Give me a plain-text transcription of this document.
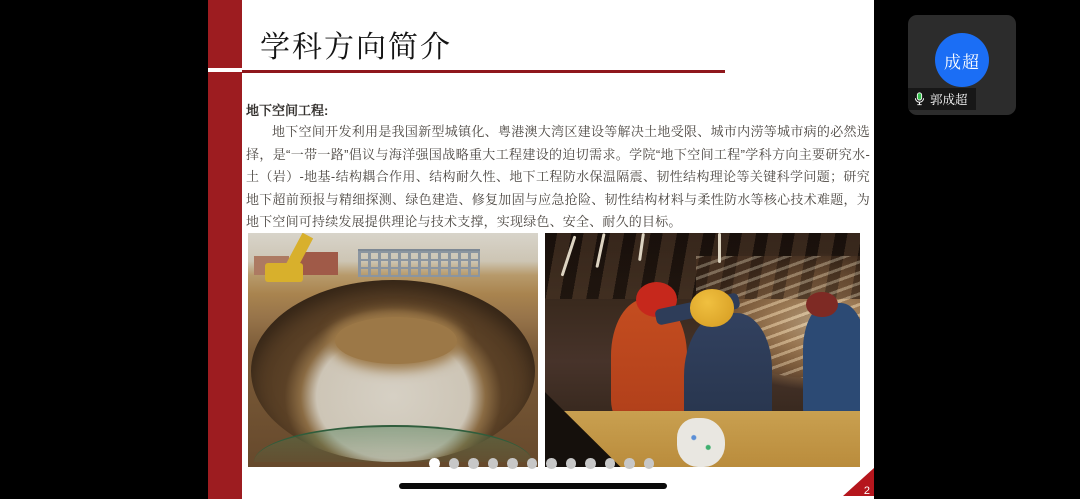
学科方向简介
地下空间工程:
地下空间开发利用是我国新型城镇化、粤港澳大湾区建设等解决土地受限、城市内涝等城市病的必然选择，是“一带一路”倡议与海洋强国战略重大工程建设的迫切需求。学院“地下空间工程”学科方向主要研究水-土（岩）-地基-结构耦合作用、结构耐久性、地下工程防水保温隔震、韧性结构理论等关键科学问题；研究地下超前预报与精细探测、绿色建造、修复加固与应急抢险、韧性结构材料与柔性防水等核心技术难题，为地下空间可持续发展提供理论与技术支撑，实现绿色、安全、耐久的目标。
2
成超
郭成超
